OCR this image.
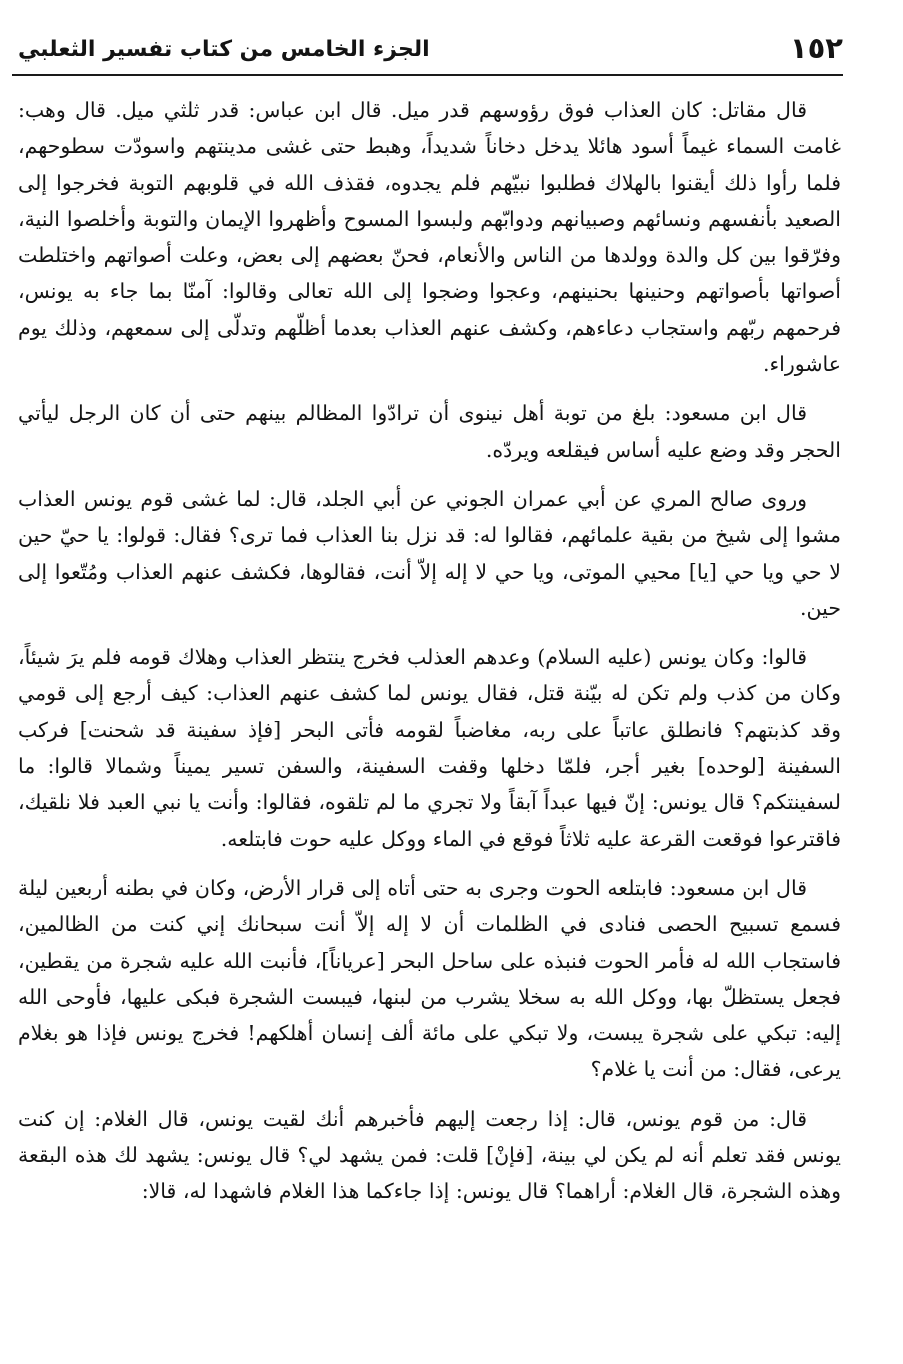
١٥٢
الجزء الخامس من كتاب تفسير الثعلبي

قال مقاتل: كان العذاب فوق رؤوسهم قدر ميل. قال ابن عباس: قدر ثلثي ميل. قال وهب: غامت السماء غيماً أسود هائلا يدخل دخاناً شديداً، وهبط حتى غشى مدينتهم واسودّت سطوحهم، فلما رأوا ذلك أيقنوا بالهلاك فطلبوا نبيّهم فلم يجدوه، فقذف الله في قلوبهم التوبة فخرجوا إلى الصعيد بأنفسهم ونسائهم وصبيانهم ودوابّهم ولبسوا المسوح وأظهروا الإيمان والتوبة وأخلصوا النية، وفرّقوا بين كل والدة وولدها من الناس والأنعام، فحنّ بعضهم إلى بعض، وعلت أصواتهم واختلطت أصواتها بأصواتهم وحنينها بحنينهم، وعجوا وضجوا إلى الله تعالى وقالوا: آمنّا بما جاء به يونس، فرحمهم ربّهم واستجاب دعاءهم، وكشف عنهم العذاب بعدما أظلّهم وتدلّى إلى سمعهم، وذلك يوم عاشوراء.

قال ابن مسعود: بلغ من توبة أهل نينوى أن ترادّوا المظالم بينهم حتى أن كان الرجل ليأتي الحجر وقد وضع عليه أساس فيقلعه ويردّه.

وروى صالح المري عن أبي عمران الجوني عن أبي الجلد، قال: لما غشى قوم يونس العذاب مشوا إلى شيخ من بقية علمائهم، فقالوا له: قد نزل بنا العذاب فما ترى؟ فقال: قولوا: يا حيّ حين لا حي ويا حي [يا] محيي الموتى، ويا حي لا إله إلاّ أنت، فقالوها، فكشف عنهم العذاب ومُتّعوا إلى حين.

قالوا: وكان يونس (عليه السلام) وعدهم العذلب فخرج ينتظر العذاب وهلاك قومه فلم يرَ شيئاً، وكان من كذب ولم تكن له بيّنة قتل، فقال يونس لما كشف عنهم العذاب: كيف أرجع إلى قومي وقد كذبتهم؟ فانطلق عاتباً على ربه، مغاضباً لقومه فأتى البحر [فإذ سفينة قد شحنت] فركب السفينة [لوحده] بغير أجر، فلمّا دخلها وقفت السفينة، والسفن تسير يميناً وشمالا قالوا: ما لسفينتكم؟ قال يونس: إنّ فيها عبداً آبقاً ولا تجري ما لم تلقوه، فقالوا: وأنت يا نبي العبد فلا نلقيك، فاقترعوا فوقعت القرعة عليه ثلاثاً فوقع في الماء ووكل عليه حوت فابتلعه.

قال ابن مسعود: فابتلعه الحوت وجرى به حتى أتاه إلى قرار الأرض، وكان في بطنه أربعين ليلة فسمع تسبيح الحصى فنادى في الظلمات أن لا إله إلاّ أنت سبحانك إني كنت من الظالمين، فاستجاب الله له فأمر الحوت فنبذه على ساحل البحر [عرياناً]، فأنبت الله عليه شجرة من يقطين، فجعل يستظلّ بها، ووكل الله به سخلا يشرب من لبنها، فيبست الشجرة فبكى عليها، فأوحى الله إليه: تبكي على شجرة يبست، ولا تبكي على مائة ألف إنسان أهلكهم! فخرج يونس فإذا هو بغلام يرعى، فقال: من أنت يا غلام؟

قال: من قوم يونس، قال: إذا رجعت إليهم فأخبرهم أنك لقيت يونس، قال الغلام: إن كنت يونس فقد تعلم أنه لم يكن لي بينة، [فإنْ] قلت: فمن يشهد لي؟ قال يونس: يشهد لك هذه البقعة وهذه الشجرة، قال الغلام: أراهما؟ قال يونس: إذا جاءكما هذا الغلام فاشهدا له، قالا:
